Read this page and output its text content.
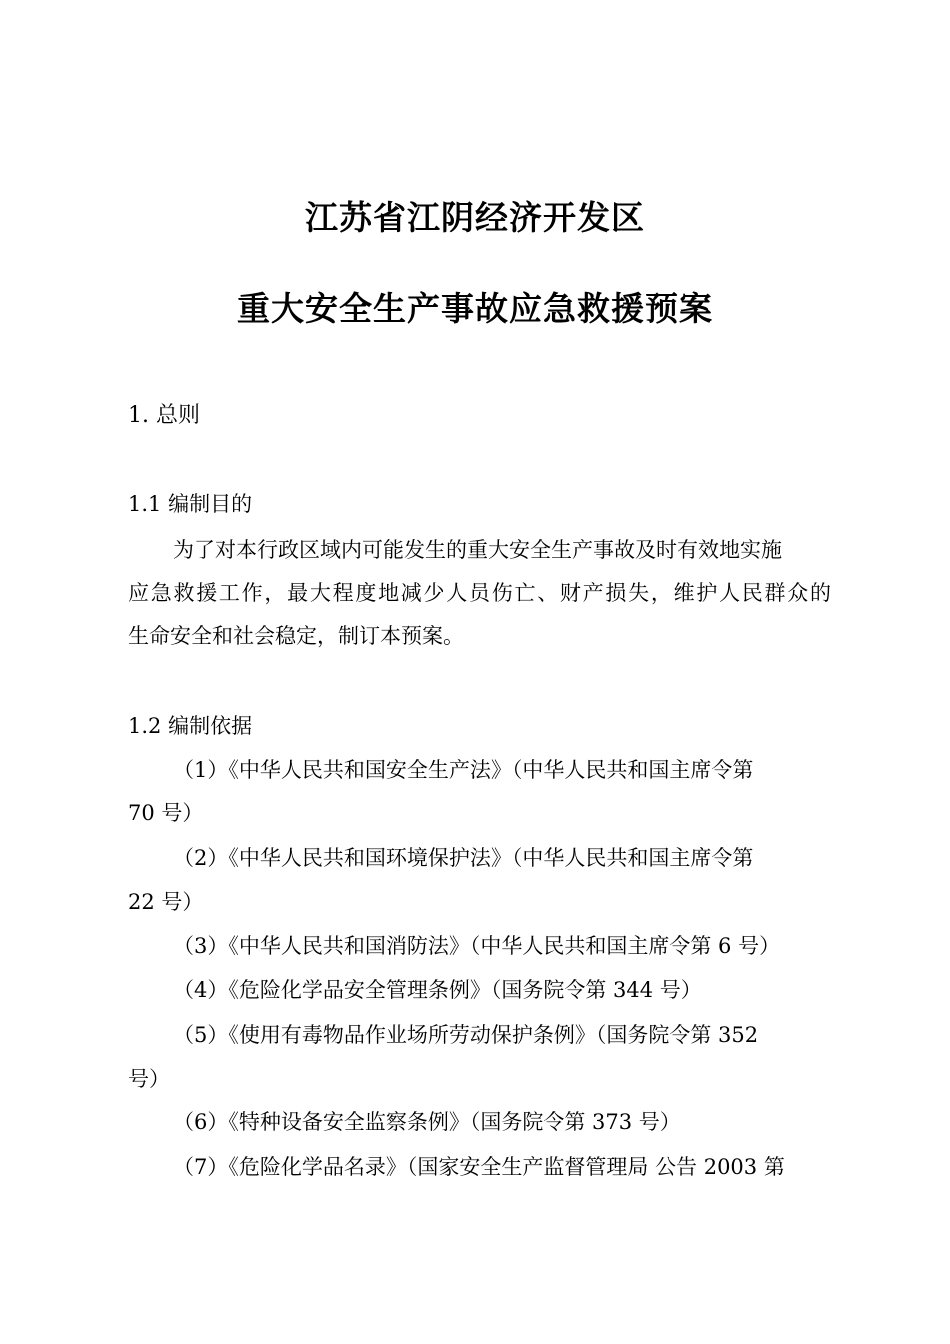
江苏省江阴经济开发区
重大安全生产事故应急救援预案
1. 总则
1.1 编制目的
为了对本行政区域内可能发生的重大安全生产事故及时有效地实施
应急救援工作，最大程度地减少人员伤亡、财产损失，维护人民群众的
生命安全和社会稳定，制订本预案。
1.2 编制依据
（1）《中华人民共和国安全生产法》（中华人民共和国主席令第
70 号）
（2）《中华人民共和国环境保护法》（中华人民共和国主席令第
22 号）
（3）《中华人民共和国消防法》（中华人民共和国主席令第 6 号）
（4）《危险化学品安全管理条例》（国务院令第 344 号）
（5）《使用有毒物品作业场所劳动保护条例》（国务院令第 352
号）
（6）《特种设备安全监察条例》（国务院令第 373 号）
（7）《危险化学品名录》（国家安全生产监督管理局 公告 2003 第
